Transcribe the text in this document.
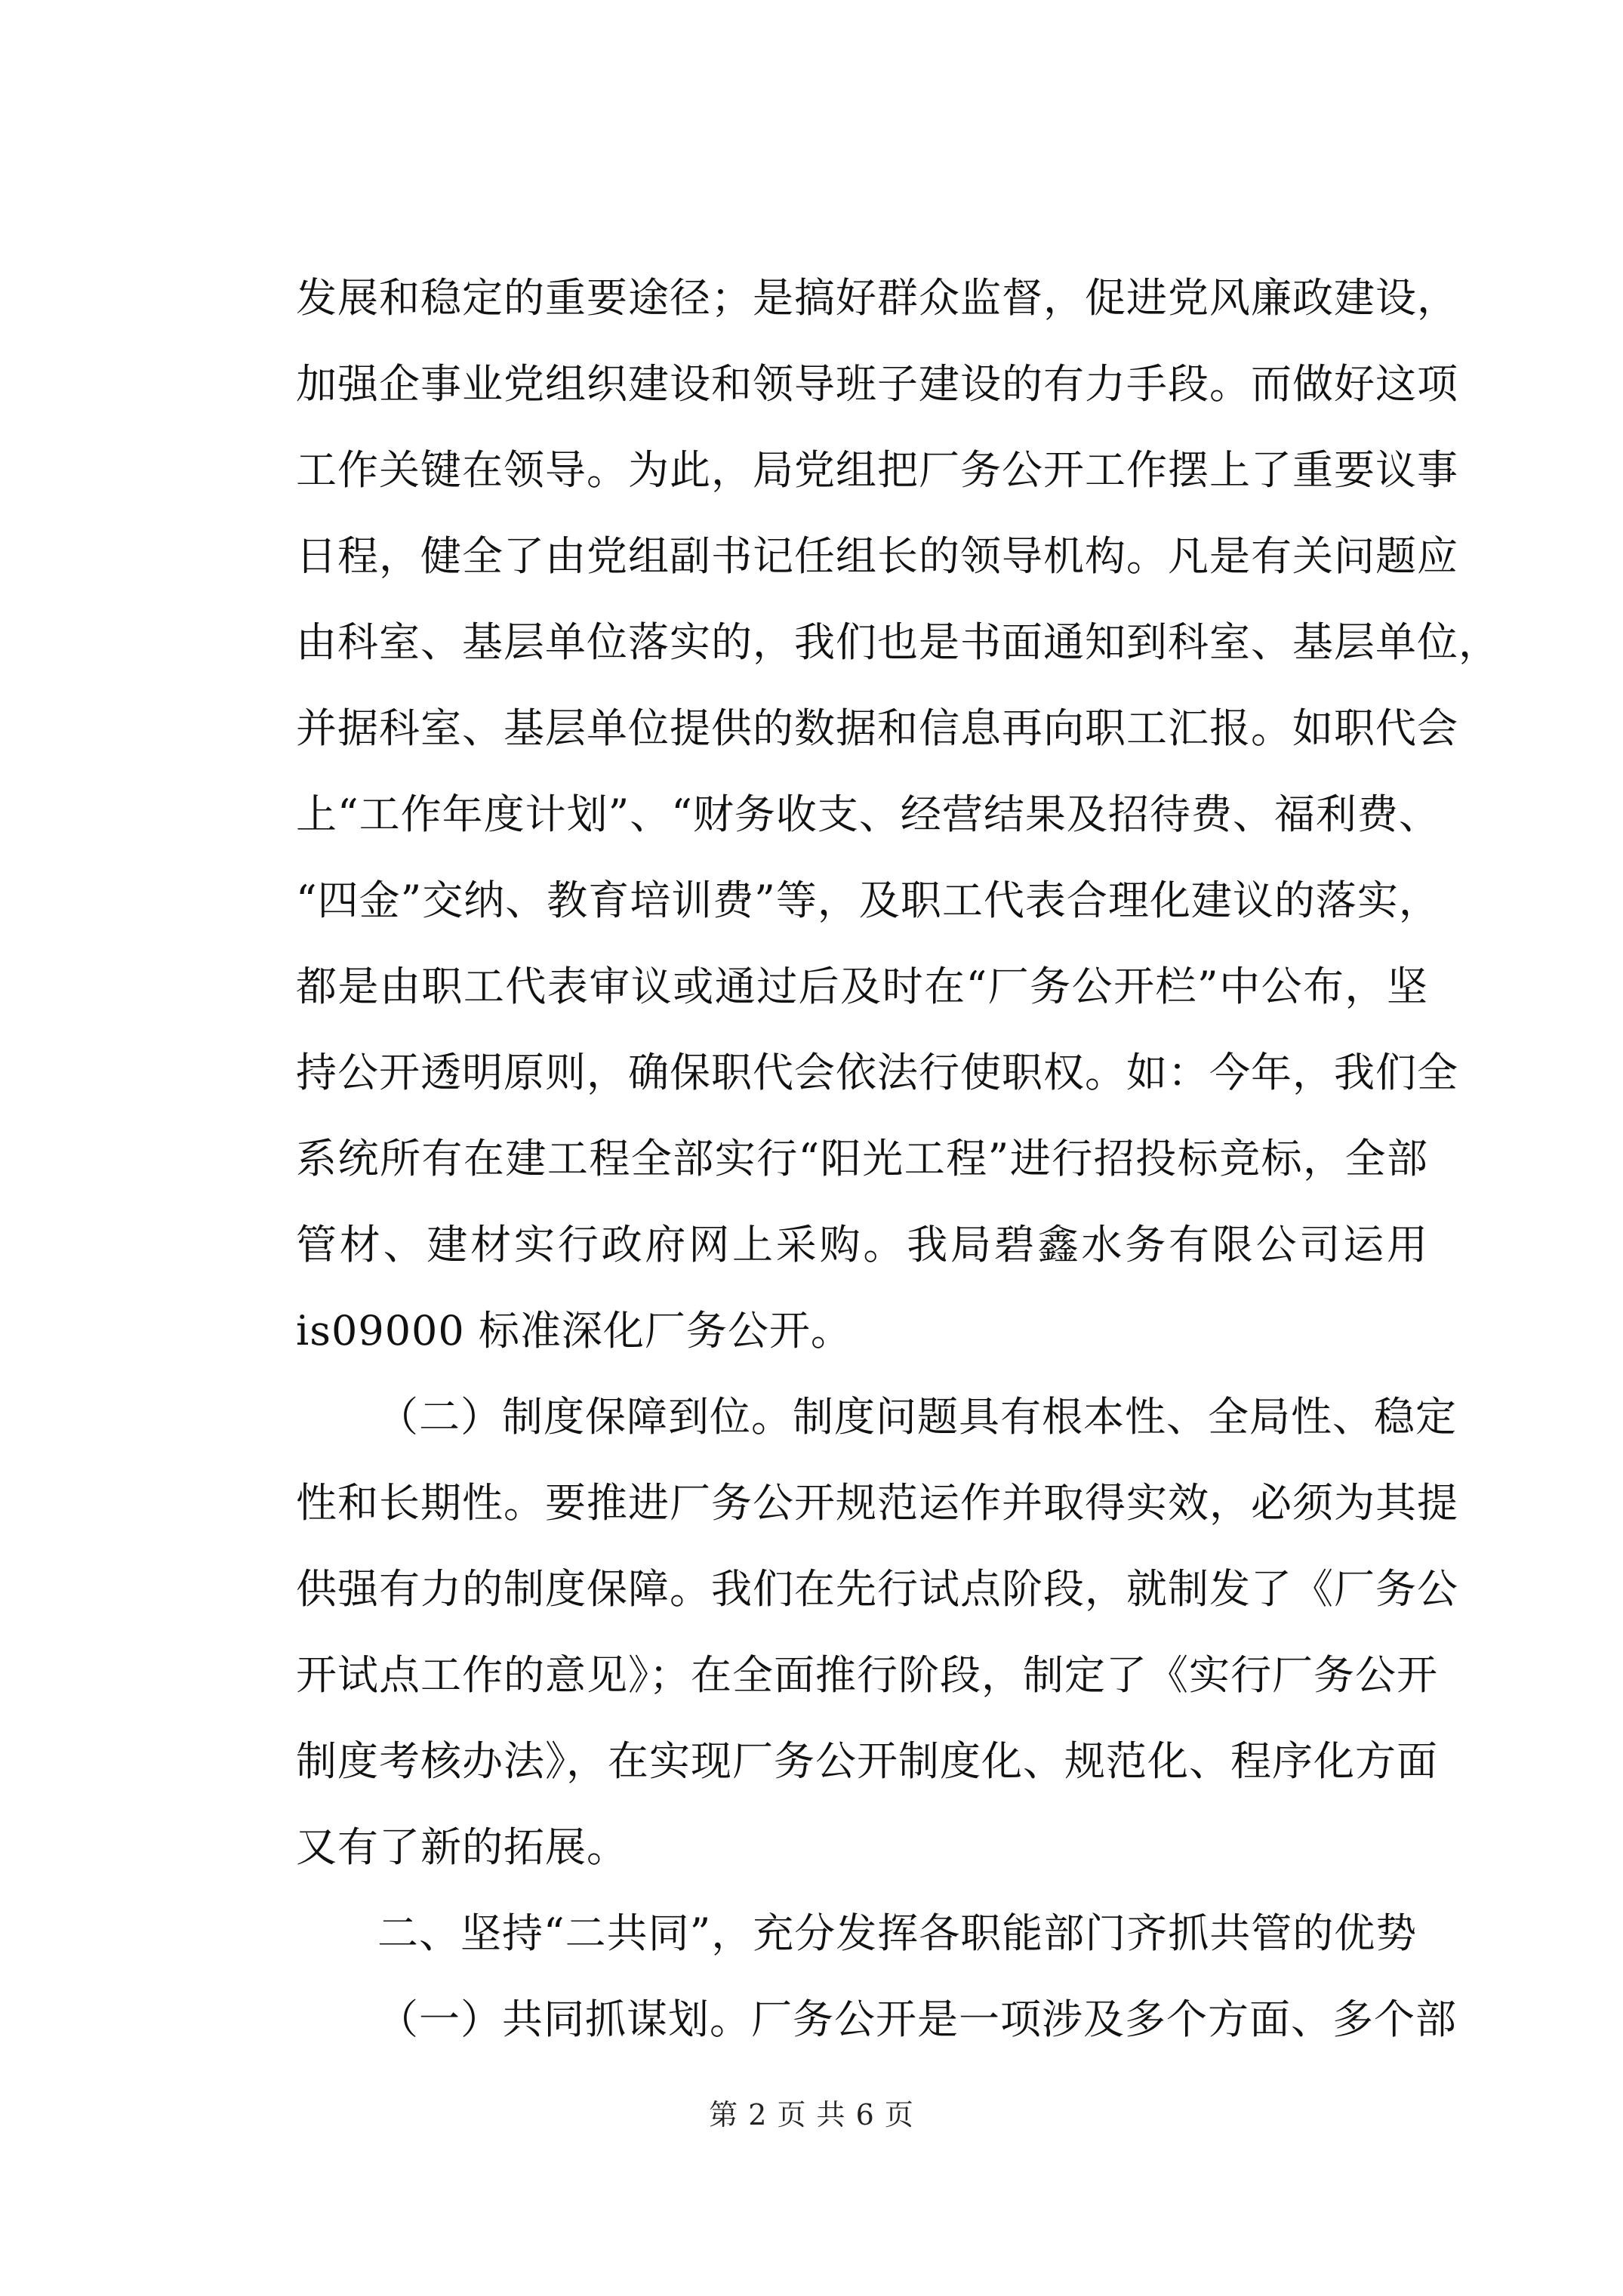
发展和稳定的重要途径；是搞好群众监督，促进党风廉政建设，
加强企事业党组织建设和领导班子建设的有力手段。而做好这项
工作关键在领导。为此，局党组把厂务公开工作摆上了重要议事
日程，健全了由党组副书记任组长的领导机构。凡是有关问题应
由科室、基层单位落实的，我们也是书面通知到科室、基层单位，
并据科室、基层单位提供的数据和信息再向职工汇报。如职代会
上“工作年度计划”、“财务收支、经营结果及招待费、福利费、
“四金”交纳、教育培训费”等，及职工代表合理化建议的落实，
都是由职工代表审议或通过后及时在“厂务公开栏”中公布，坚
持公开透明原则，确保职代会依法行使职权。如：今年，我们全
系统所有在建工程全部实行“阳光工程”进行招投标竞标，全部
管材、建材实行政府网上采购。我局碧鑫水务有限公司运用
is09000 标准深化厂务公开。
（二）制度保障到位。制度问题具有根本性、全局性、稳定
性和长期性。要推进厂务公开规范运作并取得实效，必须为其提
供强有力的制度保障。我们在先行试点阶段，就制发了《厂务公
开试点工作的意见》；在全面推行阶段，制定了《实行厂务公开
制度考核办法》，在实现厂务公开制度化、规范化、程序化方面
又有了新的拓展。
二、坚持“二共同”，充分发挥各职能部门齐抓共管的优势
（一）共同抓谋划。厂务公开是一项涉及多个方面、多个部
第 2 页 共 6 页
